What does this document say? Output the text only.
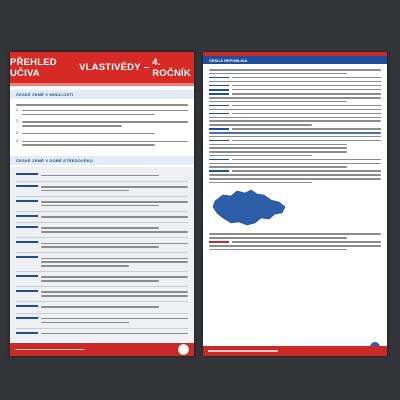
PŘEHLED UČIVA	VLASTIVĚDY – 4. ROČNÍK
ČESKÉ ZEMĚ V MINULOSTI
1.
2.
3.
4.
ČESKÉ ZEMĚ V DOBĚ STŘEDOVĚKU
ČESKÁ REPUBLIKA
